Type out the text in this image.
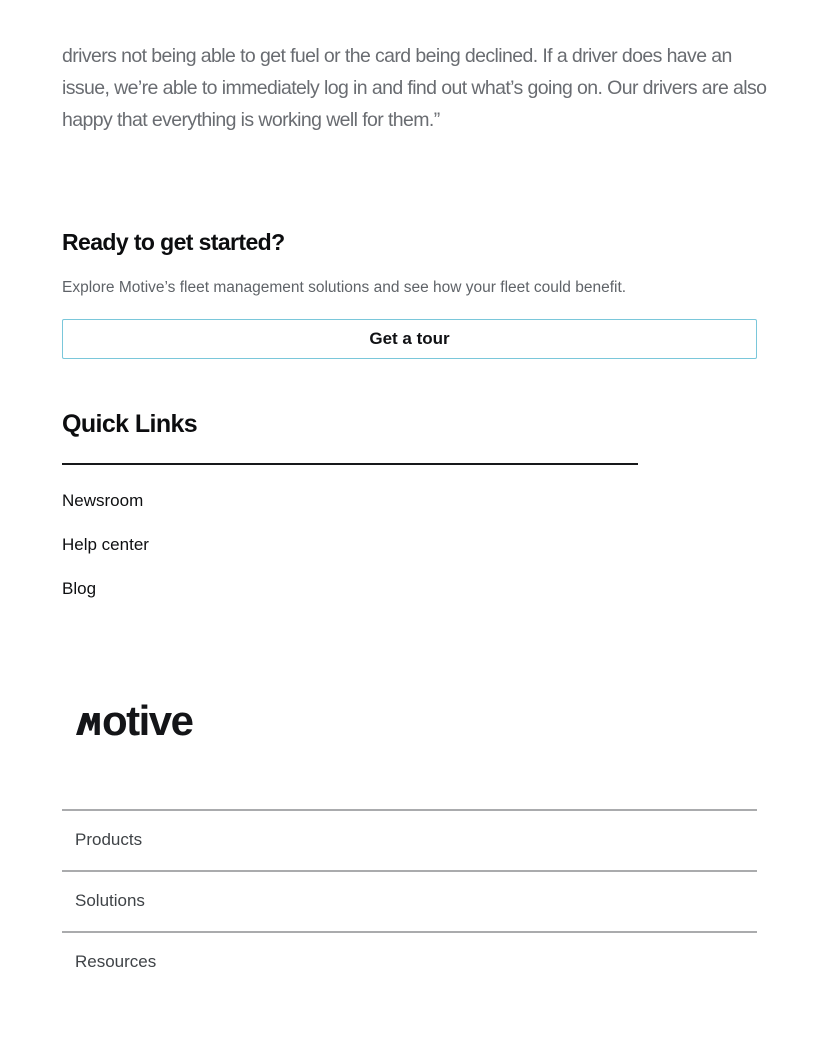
drivers not being able to get fuel or the card being declined. If a driver does have an issue, we’re able to immediately log in and find out what’s going on. Our drivers are also happy that everything is working well for them.”

Ready to get started?

Explore Motive’s fleet management solutions and see how your fleet could benefit.

Get a tour
Quick Links
Newsroom
Help center
Blog
otive
Products
Solutions
Resources
